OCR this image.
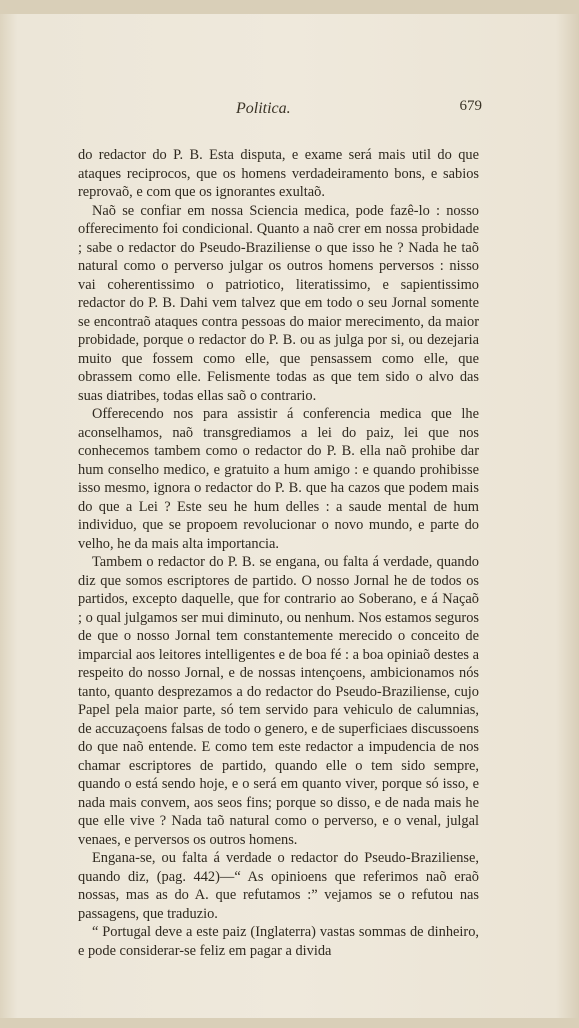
Politica.	679

do redactor do P. B. Esta disputa, e exame será mais util do que ataques reciprocos, que os homens verdadeiramento bons, e sabios reprovaõ, e com que os ignorantes exultaõ.

Naõ se confiar em nossa Sciencia medica, pode fazê-lo : nosso offerecimento foi condicional. Quanto a naõ crer em nossa probidade ; sabe o redactor do Pseudo-Braziliense o que isso he ? Nada he taõ natural como o perverso julgar os outros homens perversos : nisso vai coherentissimo o patriotico, literatissimo, e sapientissimo redactor do P. B. Dahi vem talvez que em todo o seu Jornal somente se encontraõ ataques contra pessoas do maior merecimento, da maior probidade, porque o redactor do P. B. ou as julga por si, ou dezejaria muito que fossem como elle, que pensassem como elle, que obrassem como elle. Felismente todas as que tem sido o alvo das suas diatribes, todas ellas saõ o contrario.

Offerecendo nos para assistir á conferencia medica que lhe aconselhamos, naõ transgrediamos a lei do paiz, lei que nos conhecemos tambem como o redactor do P. B. ella naõ prohibe dar hum conselho medico, e gratuito a hum amigo : e quando prohibisse isso mesmo, ignora o redactor do P. B. que ha cazos que podem mais do que a Lei ? Este seu he hum delles : a saude mental de hum individuo, que se propoem revolucionar o novo mundo, e parte do velho, he da mais alta importancia.

Tambem o redactor do P. B. se engana, ou falta á verdade, quando diz que somos escriptores de partido. O nosso Jornal he de todos os partidos, excepto daquelle, que for contrario ao Soberano, e á Naçaõ ; o qual julgamos ser mui diminuto, ou nenhum. Nos estamos seguros de que o nosso Jornal tem constantemente merecido o conceito de imparcial aos leitores intelligentes e de boa fé : a boa opiniaõ destes a respeito do nosso Jornal, e de nossas intençoens, ambicionamos nós tanto, quanto desprezamos a do redactor do Pseudo-Braziliense, cujo Papel pela maior parte, só tem servido para vehiculo de calumnias, de accuzaçoens falsas de todo o genero, e de superficiaes discussoens do que naõ entende. E como tem este redactor a impudencia de nos chamar escriptores de partido, quando elle o tem sido sempre, quando o está sendo hoje, e o será em quanto viver, porque só isso, e nada mais convem, aos seos fins; porque so disso, e de nada mais he que elle vive ? Nada taõ natural como o perverso, e o venal, julgal venaes, e perversos os outros homens.

Engana-se, ou falta á verdade o redactor do Pseudo-Braziliense, quando diz, (pag. 442)—“ As opinioens que referimos naõ eraõ nossas, mas as do A. que refutamos :” vejamos se o refutou nas passagens, que traduzio.

“ Portugal deve a este paiz (Inglaterra) vastas sommas de dinheiro, e pode considerar-se feliz em pagar a divida
